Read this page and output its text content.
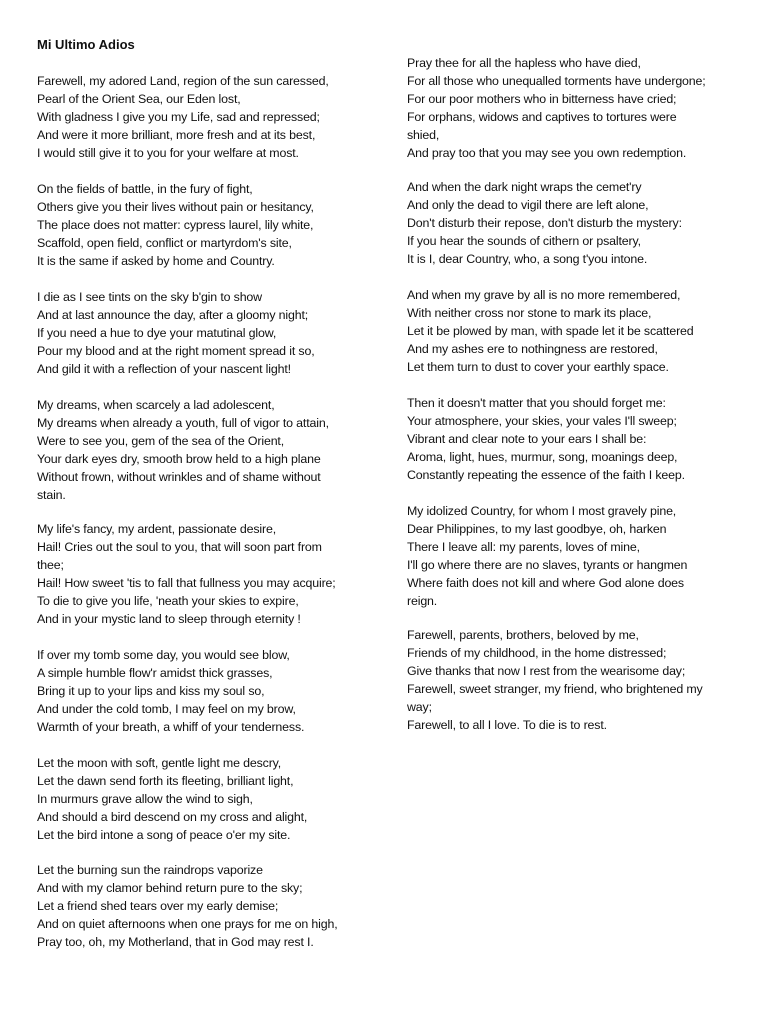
Mi Ultimo Adios
Farewell, my adored Land, region of the sun caressed,
Pearl of the Orient Sea, our Eden lost,
With gladness I give you my Life, sad and repressed;
And were it more brilliant, more fresh and at its best,
I would still give it to you for your welfare at most.
On the fields of battle, in the fury of fight,
Others give you their lives without pain or hesitancy,
The place does not matter: cypress laurel, lily white,
Scaffold, open field, conflict or martyrdom's site,
It is the same if asked by home and Country.
I die as I see tints on the sky b'gin to show
And at last announce the day, after a gloomy night;
If you need a hue to dye your matutinal glow,
Pour my blood and at the right moment spread it so,
And gild it with a reflection of your nascent light!
My dreams, when scarcely a lad adolescent,
My dreams when already a youth, full of vigor to attain,
Were to see you, gem of the sea of the Orient,
Your dark eyes dry, smooth brow held to a high plane
Without frown, without wrinkles and of shame without
stain.
My life's fancy, my ardent, passionate desire,
Hail! Cries out the soul to you, that will soon part from
thee;
Hail! How sweet 'tis to fall that fullness you may acquire;
To die to give you life, 'neath your skies to expire,
And in your mystic land to sleep through eternity !
If over my tomb some day, you would see blow,
A simple humble flow'r amidst thick grasses,
Bring it up to your lips and kiss my soul so,
And under the cold tomb, I may feel on my brow,
Warmth of your breath, a whiff of your tenderness.
Let the moon with soft, gentle light me descry,
Let the dawn send forth its fleeting, brilliant light,
In murmurs grave allow the wind to sigh,
And should a bird descend on my cross and alight,
Let the bird intone a song of peace o'er my site.
Let the burning sun the raindrops vaporize
And with my clamor behind return pure to the sky;
Let a friend shed tears over my early demise;
And on quiet afternoons when one prays for me on high,
Pray too, oh, my Motherland, that in God may rest I.
Pray thee for all the hapless who have died,
For all those who unequalled torments have undergone;
For our poor mothers who in bitterness have cried;
For orphans, widows and captives to tortures were
shied,
And pray too that you may see you own redemption.
And when the dark night wraps the cemet'ry
And only the dead to vigil there are left alone,
Don't disturb their repose, don't disturb the mystery:
If you hear the sounds of cithern or psaltery,
It is I, dear Country, who, a song t'you intone.
And when my grave by all is no more remembered,
With neither cross nor stone to mark its place,
Let it be plowed by man, with spade let it be scattered
And my ashes ere to nothingness are restored,
Let them turn to dust to cover your earthly space.
Then it doesn't matter that you should forget me:
Your atmosphere, your skies, your vales I'll sweep;
Vibrant and clear note to your ears I shall be:
Aroma, light, hues, murmur, song, moanings deep,
Constantly repeating the essence of the faith I keep.
My idolized Country, for whom I most gravely pine,
Dear Philippines, to my last goodbye, oh, harken
There I leave all: my parents, loves of mine,
I'll go where there are no slaves, tyrants or hangmen
Where faith does not kill and where God alone does
reign.
Farewell, parents, brothers, beloved by me,
Friends of my childhood, in the home distressed;
Give thanks that now I rest from the wearisome day;
Farewell, sweet stranger, my friend, who brightened my
way;
Farewell, to all I love. To die is to rest.
